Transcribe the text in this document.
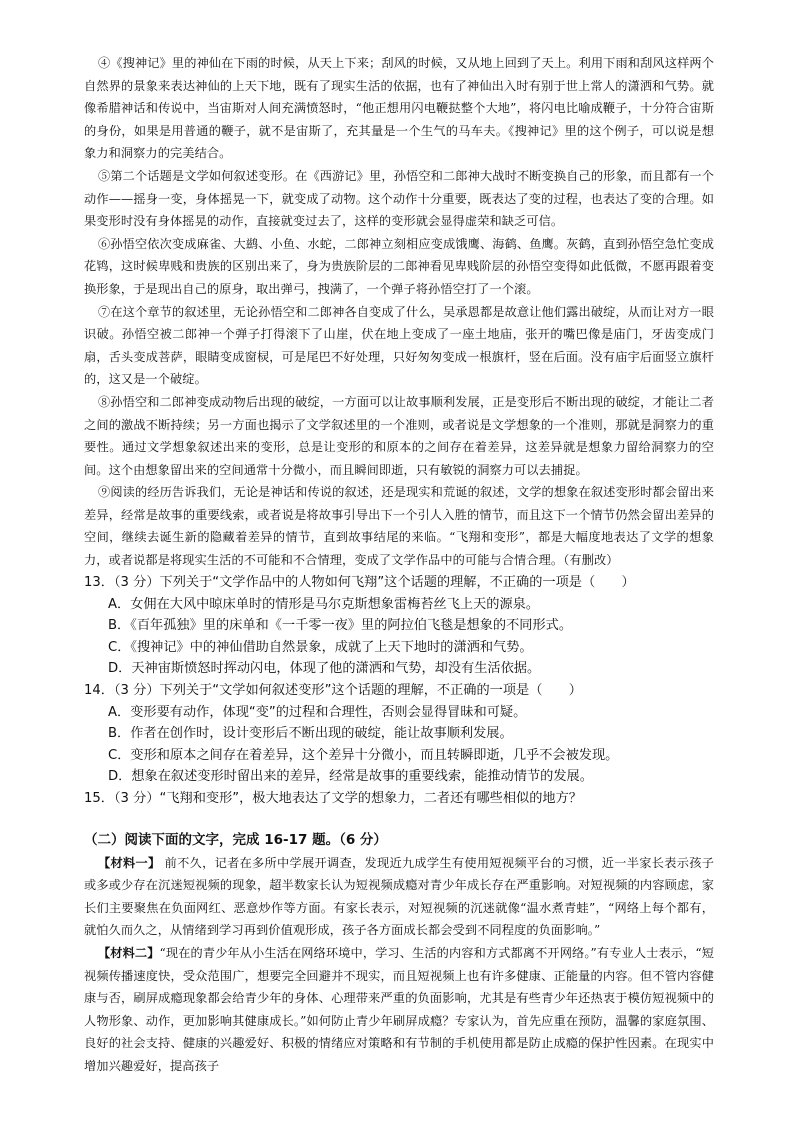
④《搜神记》里的神仙在下雨的时候，从天上下来；刮风的时候，又从地上回到了天上。利用下雨和刮风这样两个自然界的景象来表达神仙的上天下地，既有了现实生活的依据，也有了神仙出入时有别于世上常人的潇洒和气势。就像希腊神话和传说中，当宙斯对人间充满愤怒时，“他正想用闪电鞭挞整个大地”，将闪电比喻成鞭子，十分符合宙斯的身份，如果是用普通的鞭子，就不是宙斯了，充其量是一个生气的马车夫。《搜神记》里的这个例子，可以说是想象力和洞察力的完美结合。

⑤第二个话题是文学如何叙述变形。在《西游记》里，孙悟空和二郎神大战时不断变换自己的形象，而且都有一个动作——摇身一变，身体摇晃一下，就变成了动物。这个动作十分重要，既表达了变的过程，也表达了变的合理。如果变形时没有身体摇晃的动作，直接就变过去了，这样的变形就会显得虚荣和缺乏可信。

⑥孙悟空依次变成麻雀、大鹚、小鱼、水蛇，二郎神立刻相应变成饿鹰、海鹤、鱼鹰。灰鹤，直到孙悟空急忙变成花鸨，这时候卑贱和贵族的区别出来了，身为贵族阶层的二郎神看见卑贱阶层的孙悟空变得如此低微，不愿再跟着变换形象，于是现出自己的原身，取出弹弓，拽满了，一个弹子将孙悟空打了一个滚。

⑦在这个章节的叙述里，无论孙悟空和二郎神各自变成了什么，吴承恩都是故意让他们露出破绽，从而让对方一眼识破。孙悟空被二郎神一个弹子打得滚下了山崖，伏在地上变成了一座土地庙，张开的嘴巴像是庙门，牙齿变成门扇，舌头变成菩萨，眼睛变成窗棂，可是尾巴不好处理，只好匆匆变成一根旗杆，竖在后面。没有庙宇后面竖立旗杆的，这又是一个破绽。

⑧孙悟空和二郎神变成动物后出现的破绽，一方面可以让故事顺利发展，正是变形后不断出现的破绽，才能让二者之间的激战不断持续；另一方面也揭示了文学叙述里的一个准则，或者说是文学想象的一个准则，那就是洞察力的重要性。通过文学想象叙述出来的变形，总是让变形的和原本的之间存在着差异，这差异就是想象力留给洞察力的空间。这个由想象留出来的空间通常十分微小，而且瞬间即逝，只有敏锐的洞察力可以去捕捉。

⑨阅读的经历告诉我们，无论是神话和传说的叙述，还是现实和荒诞的叙述，文学的想象在叙述变形时都会留出来差异，经常是故事的重要线索，或者说是将故事引导出下一个引人入胜的情节，而且这下一个情节仍然会留出差异的空间，继续去诞生新的隐藏着差异的情节，直到故事结尾的来临。“飞翔和变形”，都是大幅度地表达了文学的想象力，或者说都是将现实生活的不可能和不合情理，变成了文学作品中的可能与合情合理。（有删改）

13．（3 分）下列关于“文学作品中的人物如何飞翔”这个话题的理解，不正确的一项是（　　）

A．女佣在大风中晾床单时的情形是马尔克斯想象雷梅苔丝飞上天的源泉。

B．《百年孤独》里的床单和《一千零一夜》里的阿拉伯飞毯是想象的不同形式。

C．《搜神记》中的神仙借助自然景象，成就了上天下地时的潇洒和气势。

D．天神宙斯愤怒时挥动闪电，体现了他的潇洒和气势，却没有生活依据。

14．（3 分）下列关于“文学如何叙述变形”这个话题的理解，不正确的一项是（　　）

A．变形要有动作，体现“变”的过程和合理性，否则会显得冒昧和可疑。

B．作者在创作时，设计变形后不断出现的破绽，能让故事顺利发展。

C．变形和原本之间存在着差异，这个差异十分微小，而且转瞬即逝，几乎不会被发现。

D．想象在叙述变形时留出来的差异，经常是故事的重要线索，能推动情节的发展。

15．（3 分）“飞翔和变形”，极大地表达了文学的想象力，二者还有哪些相似的地方？

（二）阅读下面的文字，完成 16-17 题。（6 分）

【材料一】 前不久，记者在多所中学展开调查，发现近九成学生有使用短视频平台的习惯，近一半家长表示孩子或多或少存在沉迷短视频的现象，超半数家长认为短视频成瘾对青少年成长存在严重影响。对短视频的内容顾虑，家长们主要聚焦在负面网红、恶意炒作等方面。有家长表示，对短视频的沉迷就像“温水煮青蛙”，“网络上每个都有，就怕久而久之，从情绪到学习再到价值观形成，孩子各方面成长都会受到不同程度的负面影响。”

【材料二】“现在的青少年从小生活在网络环境中，学习、生活的内容和方式都离不开网络。”有专业人士表示，“短视频传播速度快，受众范围广，想要完全回避并不现实，而且短视频上也有许多健康、正能量的内容。但不管内容健康与否，刷屏成瘾现象都会给青少年的身体、心理带来严重的负面影响，尤其是有些青少年还热衷于模仿短视频中的人物形象、动作，更加影响其健康成长。”如何防止青少年刷屏成瘾？专家认为，首先应重在预防，温馨的家庭氛围、良好的社会支持、健康的兴趣爱好、积极的情绪应对策略和有节制的手机使用都是防止成瘾的保护性因素。在现实中增加兴趣爱好，提高孩子
